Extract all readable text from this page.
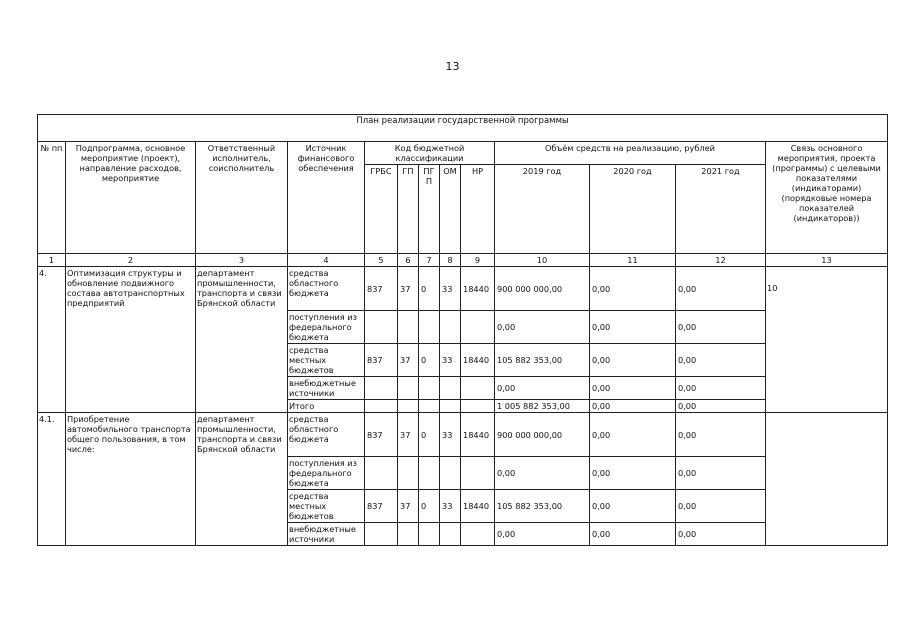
13
План реализации государственной программы												
№ пп	Подпрограмма, основное мероприятие (проект), направление расходов, мероприятие	Ответственный исполнитель, соисполнитель	Источник финансового обеспечения	Код бюджетной классификации					Объём средств на реализацию, рублей			Связь основного мероприятия, проекта (программы) с целевыми показателями (индикаторами) (порядковые номера показателей (индикаторов))
				ГРБС	ГП	ПГП	ОМ	НР	2019 год	2020 год	2021 год	
1	2	3	4	5	6	7	8	9	10	11	12	13
4.	Оптимизация структуры и обновление подвижного состава автотранспортных предприятий	департамент промышленности, транспорта и связи Брянской области	средства областного бюджета	837	37	0	33	18440	900 000 000,00	0,00	0,00	10
			поступления из федерального бюджета						0,00	0,00	0,00	
			средства местных бюджетов	837	37	0	33	18440	105 882 353,00	0,00	0,00	
			внебюджетные источники						0,00	0,00	0,00	
			Итого						1 005 882 353,00	0,00	0,00	
4.1.	Приобретение автомобильного транспорта общего пользования, в том числе:	департамент промышленности, транспорта и связи Брянской области	средства областного бюджета	837	37	0	33	18440	900 000 000,00	0,00	0,00	
			поступления из федерального бюджета						0,00	0,00	0,00	
			средства местных бюджетов	837	37	0	33	18440	105 882 353,00	0,00	0,00	
			внебюджетные источники						0,00	0,00	0,00	
